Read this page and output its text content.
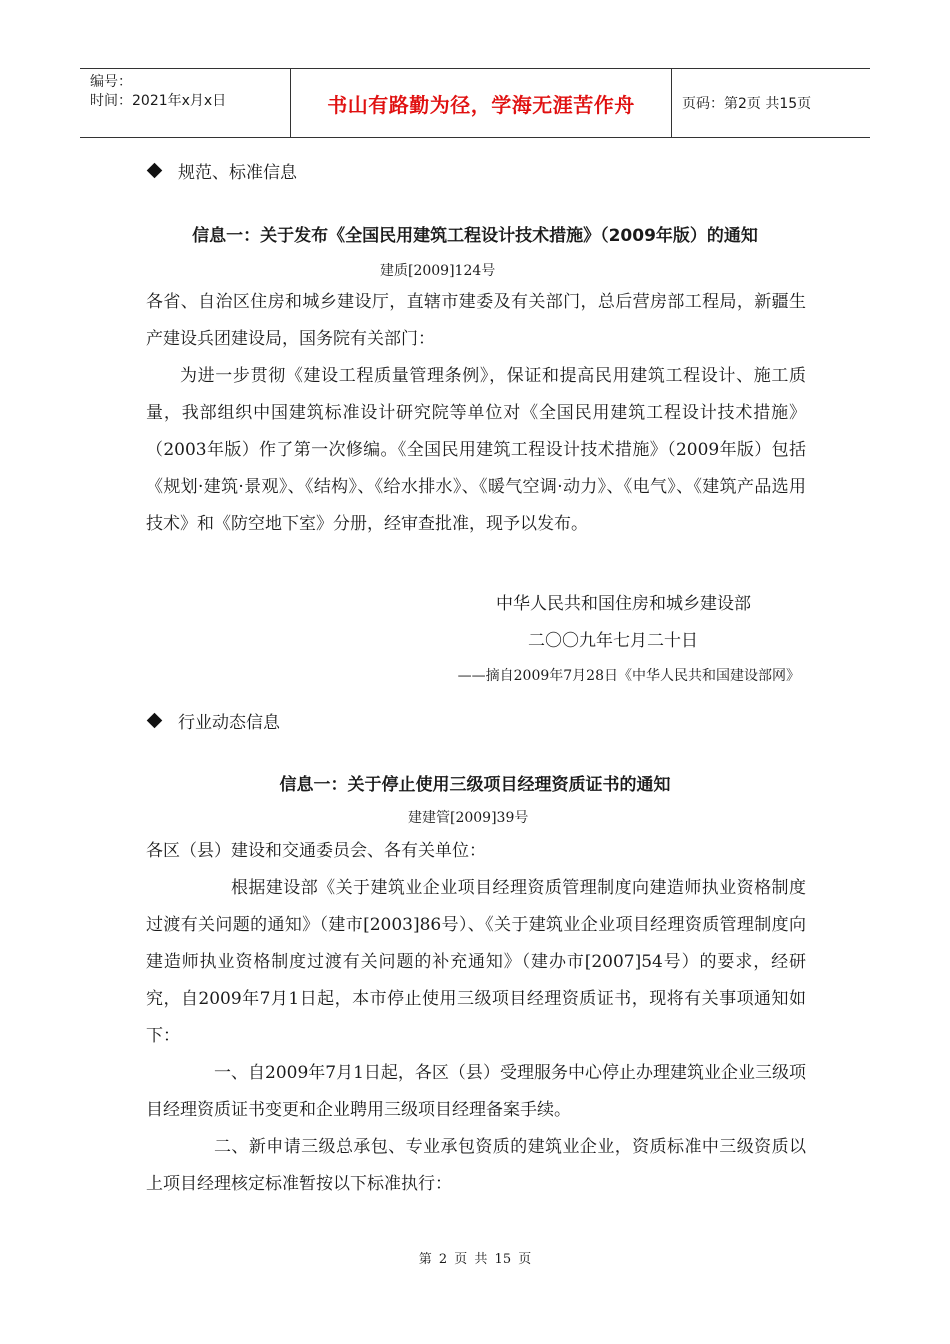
编号：
时间：2021年x月x日	书山有路勤为径，学海无涯苦作舟	页码：第2页 共15页
规范、标准信息
信息一：关于发布《全国民用建筑工程设计技术措施》（2009年版）的通知
建质[2009]124号

各省、自治区住房和城乡建设厅，直辖市建委及有关部门，总后营房部工程局，新疆生产建设兵团建设局，国务院有关部门：

为进一步贯彻《建设工程质量管理条例》，保证和提高民用建筑工程设计、施工质量，我部组织中国建筑标准设计研究院等单位对《全国民用建筑工程设计技术措施》（2003年版）作了第一次修编。《全国民用建筑工程设计技术措施》（2009年版）包括《规划·建筑·景观》、《结构》、《给水排水》、《暖气空调·动力》、《电气》、《建筑产品选用技术》和《防空地下室》分册，经审查批准，现予以发布。

中华人民共和国住房和城乡建设部
二〇〇九年七月二十日
——摘自2009年7月28日《中华人民共和国建设部网》
行业动态信息
信息一：关于停止使用三级项目经理资质证书的通知
建建管[2009]39号

各区（县）建设和交通委员会、各有关单位：

根据建设部《关于建筑业企业项目经理资质管理制度向建造师执业资格制度过渡有关问题的通知》（建市[2003]86号）、《关于建筑业企业项目经理资质管理制度向建造师执业资格制度过渡有关问题的补充通知》（建办市[2007]54号）的要求，经研究，自2009年7月1日起，本市停止使用三级项目经理资质证书，现将有关事项通知如下：

一、自2009年7月1日起，各区（县）受理服务中心停止办理建筑业企业三级项目经理资质证书变更和企业聘用三级项目经理备案手续。

二、新申请三级总承包、专业承包资质的建筑业企业，资质标准中三级资质以上项目经理核定标准暂按以下标准执行：

第 2 页 共 15 页
